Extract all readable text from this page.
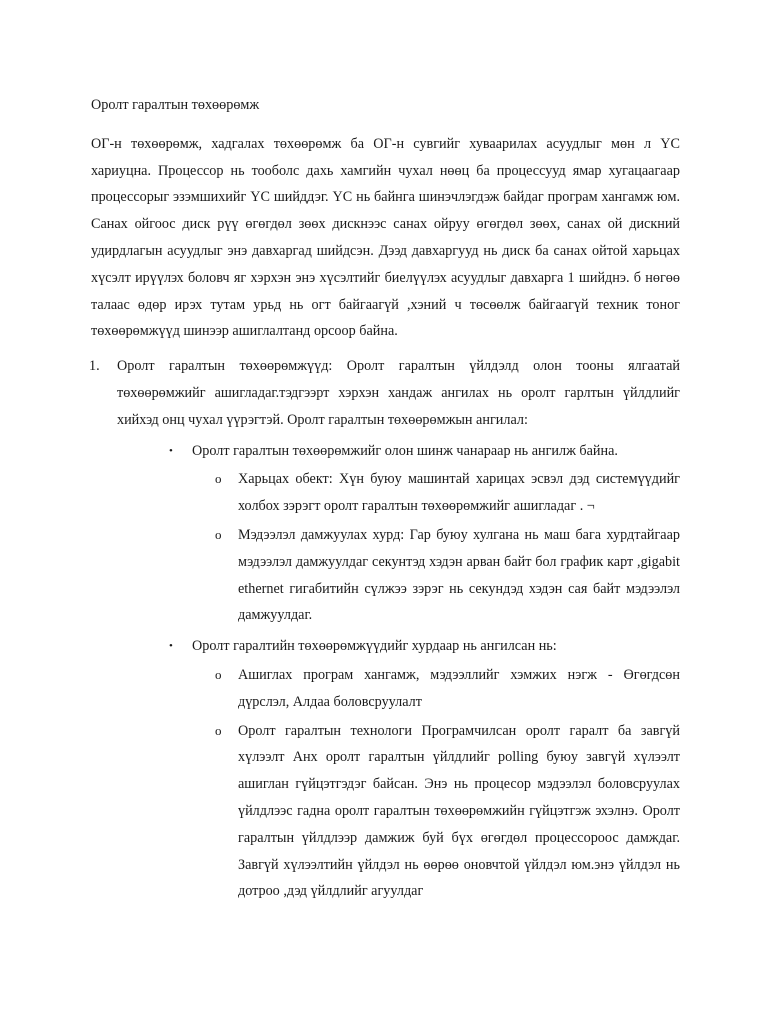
Оролт гаралтын төхөөрөмж

ОГ-н төхөөрөмж, хадгалах төхөөрөмж ба ОГ-н сувгийг хуваарилах асуудлыг мөн л ҮС хариуцна. Процессор нь тооболс дахь хамгийн чухал нөөц ба процессууд ямар хугацаагаар процессорыг эзэмшихийг ҮС шийддэг. ҮС нь байнга шинэчлэгдэж байдаг програм хангамж юм. Санах ойгоос диск рүү өгөгдөл зөөх дискнээс санах ойруу өгөгдөл зөөх, санах ой дискний удирдлагын асуудлыг энэ давхаргад шийдсэн. Дээд давхаргууд нь диск ба санах ойтой харьцах хүсэлт ирүүлэх боловч яг хэрхэн энэ хүсэлтийг биелүүлэх асуудлыг давхарга 1 шийднэ. б нөгөө талаас өдөр ирэх тутам урьд нь огт байгаагүй ,хэний ч төсөөлж байгаагүй техник тоног төхөөрөмжүүд шинээр ашиглалтанд орсоор байна.

1. Оролт гаралтын төхөөрөмжүүд: Оролт гаралтын үйлдэлд олон тооны ялгаатай төхөөрөмжийг ашигладаг.тэдгээрт хэрхэн хандаж ангилах нь оролт гарлтын үйлдлийг хийхэд онц чухал үүрэгтэй. Оролт гаралтын төхөөрөмжын ангилал:
• Оролт гаралтын төхөөрөмжийг олон шинж чанараар нь ангилж байна.
o Харьцах обект: Хүн буюу машинтай харицах эсвэл дэд системүүдийг холбох зэрэгт оролт гаралтын төхөөрөмжийг ашигладаг . ¬
o Мэдээлэл дамжуулах хурд: Гар буюу хулгана нь маш бага хурдтайгаар мэдээлэл дамжуулдаг секунтэд хэдэн арван байт бол график карт ,gigabit ethernet гигабитийн сүлжээ зэрэг нь секундэд хэдэн сая байт мэдээлэл дамжуулдаг.
• Оролт гаралтийн төхөөрөмжүүдийг хурдаар нь ангилсан нь:
o Ашиглах програм хангамж, мэдээллийг хэмжих нэгж - Өгөгдсөн дүрслэл, Алдаа боловсруулалт
o Оролт гаралтын технологи Програмчилсан оролт гаралт ба завгүй хүлээлт Анх оролт гаралтын үйлдлийг polling буюу завгүй хүлээлт ашиглан гүйцэтгэдэг байсан. Энэ нь процесор мэдээлэл боловсруулах үйлдлээс гадна оролт гаралтын төхөөрөмжийн гүйцэтгэж эхэлнэ. Оролт гаралтын үйлдлээр дамжиж буй бүх өгөгдөл процессороос дамждаг. Завгүй хүлээлтийн үйлдэл нь өөрөө оновчтой үйлдэл юм.энэ үйлдэл нь дотроо ,дэд үйлдлийг агуулдаг
